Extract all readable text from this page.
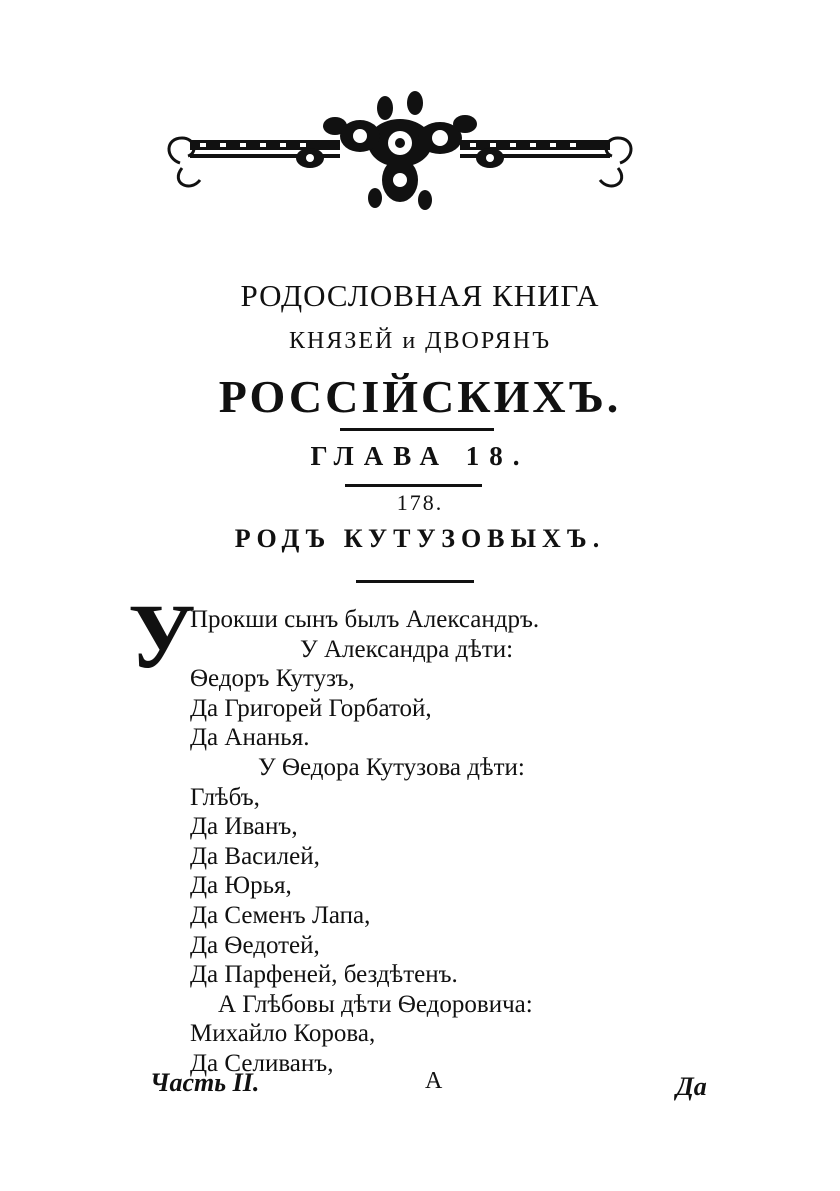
РОДОСЛОВНАЯ КНИГА
КНЯЗЕЙ и ДВОРЯНЪ
РОССІЙСКИХЪ.
ГЛАВА 18.
178.
РОДЪ КУТУЗОВЫХЪ.
У
Прокши сынъ былъ Александръ.
У Александра дѣти:
Ѳедоръ Кутузъ,
Да Григорей Горбатой,
Да Ананья.
У Ѳедора Кутузова дѣти:
Глѣбъ,
Да Иванъ,
Да Василей,
Да Юрья,
Да Семенъ Лапа,
Да Ѳедотей,
Да Парфеней, бездѣтенъ.
А Глѣбовы дѣти Ѳедоровича:
Михайло Корова,
Да Селиванъ,
Часть II.	А	Да
